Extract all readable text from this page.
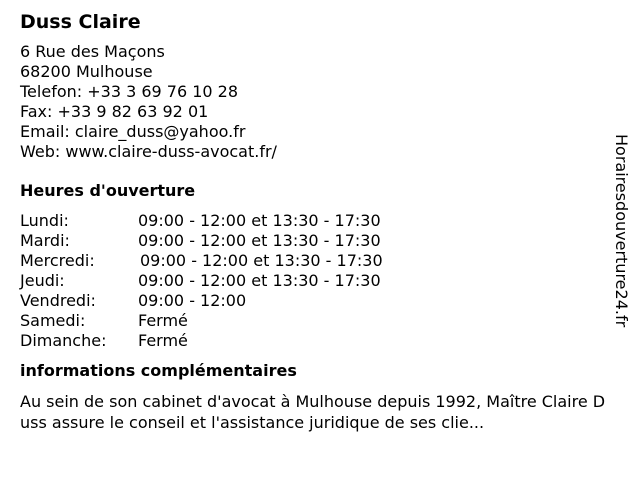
Duss Claire
6 Rue des Maçons
68200 Mulhouse
Telefon: +33 3 69 76 10 28
Fax: +33 9 82 63 92 01
Email: claire_duss@yahoo.fr
Web: www.claire-duss-avocat.fr/
Heures d'ouverture
Lundi:	09:00 - 12:00 et 13:30 - 17:30
Mardi:	09:00 - 12:00 et 13:30 - 17:30
Mercredi:	09:00 - 12:00 et 13:30 - 17:30
Jeudi:	09:00 - 12:00 et 13:30 - 17:30
Vendredi:	09:00 - 12:00
Samedi:	Fermé
Dimanche:	Fermé
informations complémentaires
Au sein de son cabinet d'avocat à Mulhouse depuis 1992, Maître Claire Duss assure le conseil et l'assistance juridique de ses clie...
Horairesdouverture24.fr
